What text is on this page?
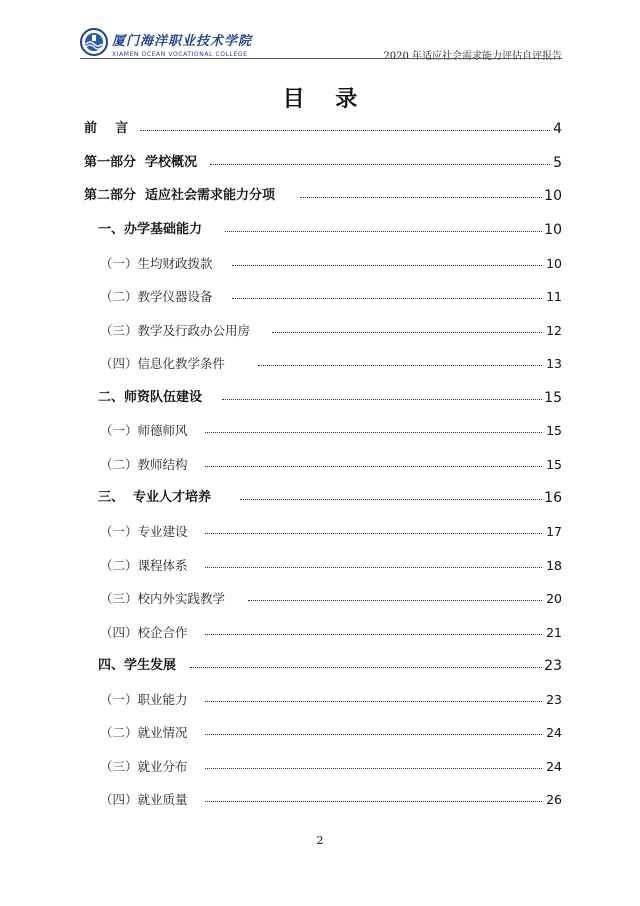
厦门海洋职业技术学院
XIAMEN OCEAN VOCATIONAL COLLEGE	2020 年适应社会需求能力评估自评报告
目    录
前    言	4
第一部分  学校概况	5
第二部分  适应社会需求能力分项	10
一、办学基础能力	10
（一）生均财政拨款	10
（二）教学仪器设备	11
（三）教学及行政办公用房	12
（四）信息化教学条件	13
二、师资队伍建设	15
（一）师德师风	15
（二）教师结构	15
三、  专业人才培养	16
（一）专业建设	17
（二）课程体系	18
（三）校内外实践教学	20
（四）校企合作	21
四、学生发展	23
（一）职业能力	23
（二）就业情况	24
（三）就业分布	24
（四）就业质量	26
2
